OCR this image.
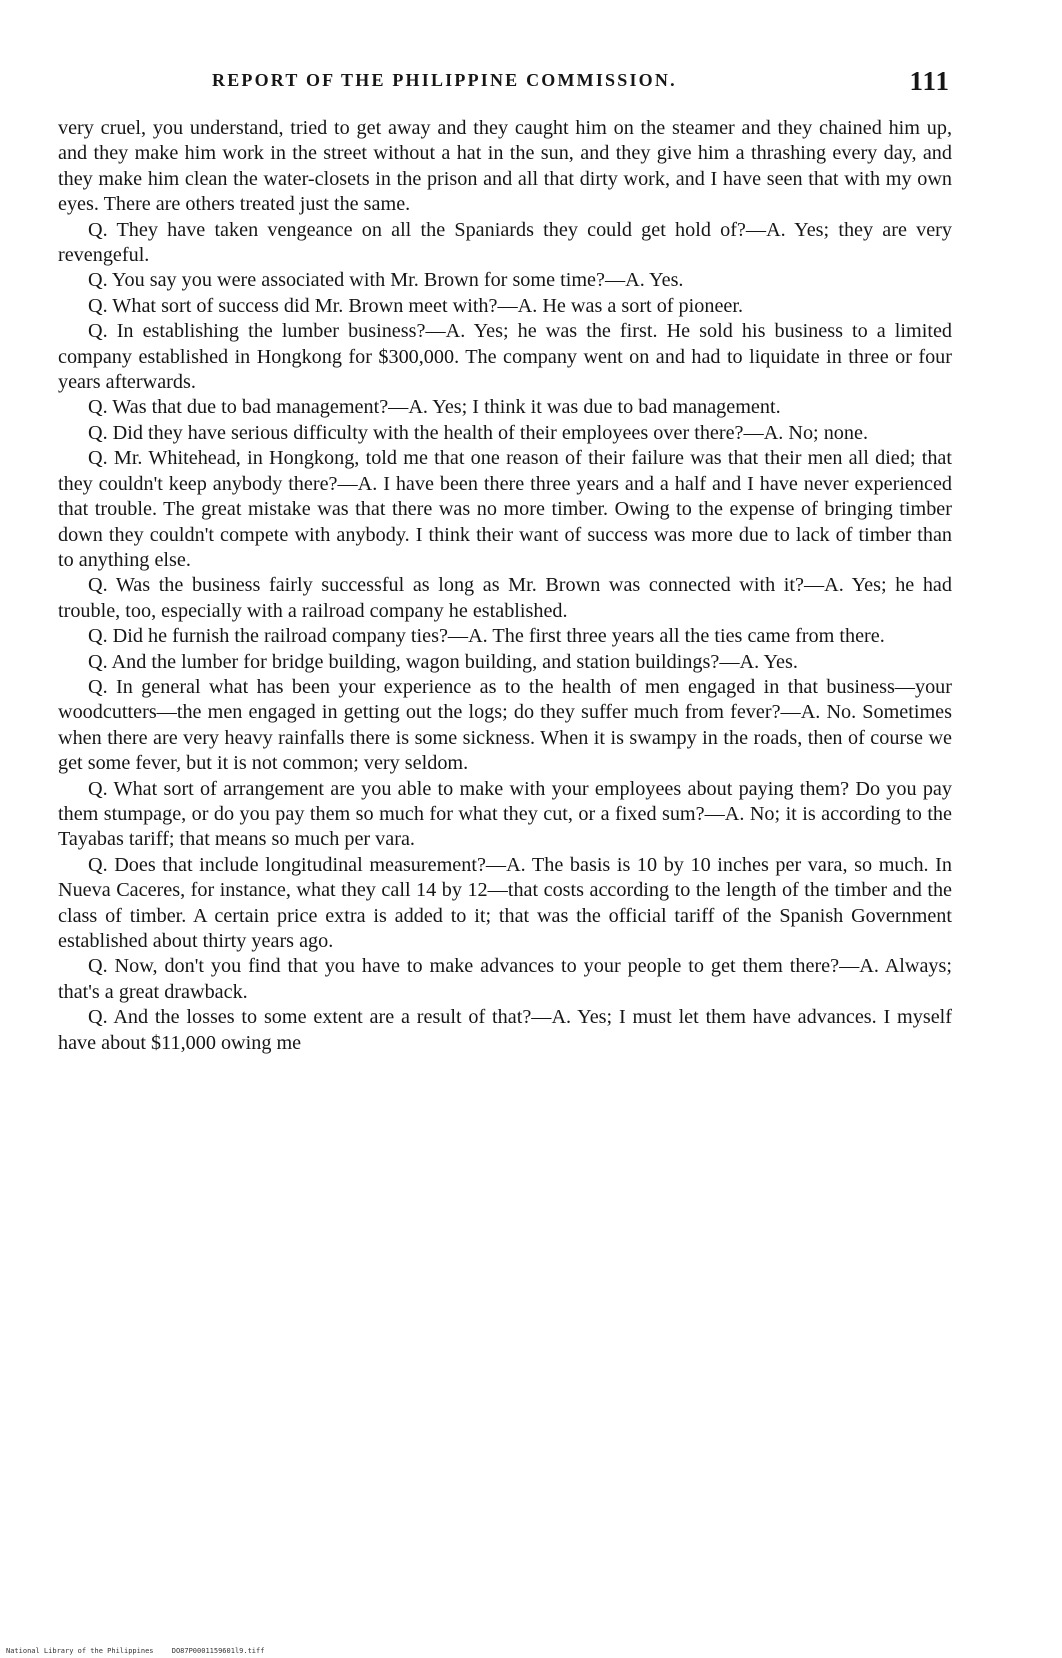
REPORT OF THE PHILIPPINE COMMISSION.	111

very cruel, you understand, tried to get away and they caught him on the steamer and they chained him up, and they make him work in the street without a hat in the sun, and they give him a thrashing every day, and they make him clean the water-closets in the prison and all that dirty work, and I have seen that with my own eyes. There are others treated just the same.

Q. They have taken vengeance on all the Spaniards they could get hold of?—A. Yes; they are very revengeful.

Q. You say you were associated with Mr. Brown for some time?—A. Yes.

Q. What sort of success did Mr. Brown meet with?—A. He was a sort of pioneer.

Q. In establishing the lumber business?—A. Yes; he was the first. He sold his business to a limited company established in Hongkong for $300,000. The company went on and had to liquidate in three or four years afterwards.

Q. Was that due to bad management?—A. Yes; I think it was due to bad management.

Q. Did they have serious difficulty with the health of their employees over there?—A. No; none.

Q. Mr. Whitehead, in Hongkong, told me that one reason of their failure was that their men all died; that they couldn't keep anybody there?—A. I have been there three years and a half and I have never experienced that trouble. The great mistake was that there was no more timber. Owing to the expense of bringing timber down they couldn't compete with anybody. I think their want of success was more due to lack of timber than to anything else.

Q. Was the business fairly successful as long as Mr. Brown was connected with it?—A. Yes; he had trouble, too, especially with a railroad company he established.

Q. Did he furnish the railroad company ties?—A. The first three years all the ties came from there.

Q. And the lumber for bridge building, wagon building, and station buildings?—A. Yes.

Q. In general what has been your experience as to the health of men engaged in that business—your woodcutters—the men engaged in getting out the logs; do they suffer much from fever?—A. No. Sometimes when there are very heavy rainfalls there is some sickness. When it is swampy in the roads, then of course we get some fever, but it is not common; very seldom.

Q. What sort of arrangement are you able to make with your employees about paying them? Do you pay them stumpage, or do you pay them so much for what they cut, or a fixed sum?—A. No; it is according to the Tayabas tariff; that means so much per vara.

Q. Does that include longitudinal measurement?—A. The basis is 10 by 10 inches per vara, so much. In Nueva Caceres, for instance, what they call 14 by 12—that costs according to the length of the timber and the class of timber. A certain price extra is added to it; that was the official tariff of the Spanish Government established about thirty years ago.

Q. Now, don't you find that you have to make advances to your people to get them there?—A. Always; that's a great drawback.

Q. And the losses to some extent are a result of that?—A. Yes; I must let them have advances. I myself have about $11,000 owing me

National Library of the Philippines	DO87P0001159601l9.tiff
